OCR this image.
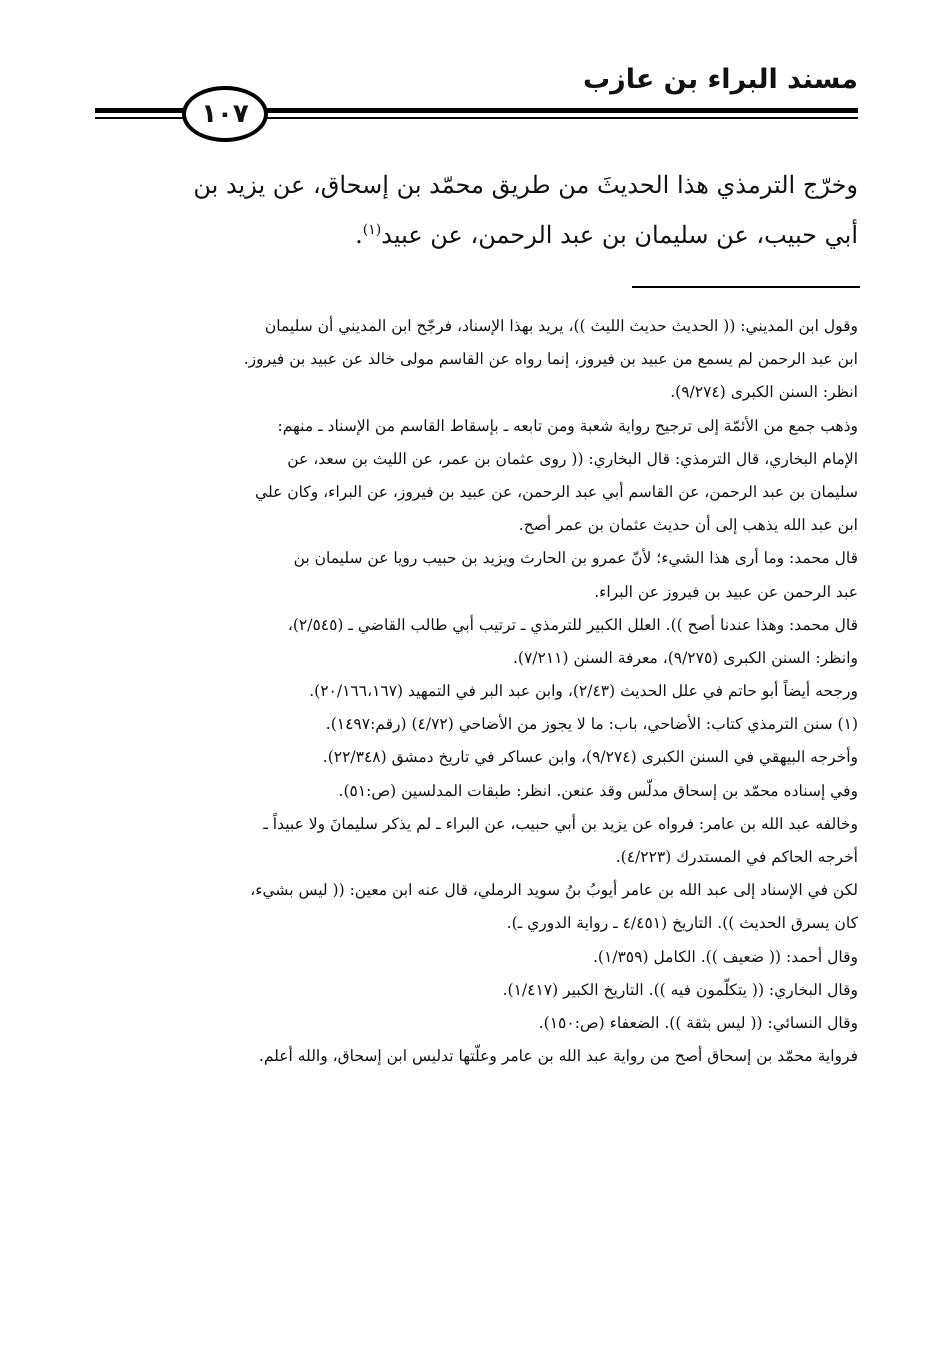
مسند البراء بن عازب
١٠٧
وخرّج الترمذي هذا الحديثَ من طريق محمّد بن إسحاق، عن يزيد بن
أبي حبيب، عن سليمان بن عبد الرحمن، عن عبيد$^{(١)}$.
وقول ابن المديني: (( الحديث حديث الليث ))، يريد بهذا الإسناد، فرجّح ابن المديني أن سليمان
ابن عبد الرحمن لم يسمع من عبيد بن فيروز، إنما رواه عن القاسم مولى خالد عن عبيد بن فيروز.
انظر: السنن الكبرى (٩/٢٧٤).
وذهب جمع من الأئمّة إلى ترجيح رواية شعبة ومن تابعه ـ بإسقاط القاسم من الإسناد ـ منهم:
الإمام البخاري، قال الترمذي: قال البخاري: (( روى عثمان بن عمر، عن الليث بن سعد، عن
سليمان بن عبد الرحمن، عن القاسم أبي عبد الرحمن، عن عبيد بن فيروز، عن البراء، وكان علي
ابن عبد الله يذهب إلى أن حديث عثمان بن عمر أصح.
قال محمد: وما أرى هذا الشيء؛ لأنّ عمرو بن الحارث ويزيد بن حبيب رويا عن سليمان بن
عبد الرحمن عن عبيد بن فيروز عن البراء.
قال محمد: وهذا عندنا أصح )). العلل الكبير للترمذي ـ ترتيب أبي طالب القاضي ـ (٢/٥٤٥)،
وانظر: السنن الكبرى (٩/٢٧٥)، معرفة السنن (٧/٢١١).
ورجحه أيضاً أبو حاتم في علل الحديث (٢/٤٣)، وابن عبد البر في التمهيد (٢٠/١٦٦،١٦٧).
(١) سنن الترمذي كتاب: الأضاحي، باب: ما لا يجوز من الأضاحي (٤/٧٢) (رقم:١٤٩٧).
وأخرجه البيهقي في السنن الكبرى (٩/٢٧٤)، وابن عساكر في تاريخ دمشق (٢٢/٣٤٨).
وفي إسناده محمّد بن إسحاق مدلّس وقد عنعن. انظر: طبقات المدلسين (ص:٥١).
وخالفه عبد الله بن عامر: فرواه عن يزيد بن أبي حبيب، عن البراء ـ لم يذكر سليمانَ ولا عبيداً ـ
أخرجه الحاكم في المستدرك (٤/٢٢٣).
لكن في الإسناد إلى عبد الله بن عامر أيوبُ بنُ سويد الرملي، قال عنه ابن معين: (( ليس بشيء،
كان يسرق الحديث )). التاريخ (٤/٤٥١ ـ رواية الدوري ـ).
وقال أحمد: (( ضعيف )). الكامل (١/٣٥٩).
وقال البخاري: (( يتكلّمون فيه )). التاريخ الكبير (١/٤١٧).
وقال النسائي: (( ليس بثقة )). الضعفاء (ص:١٥٠).
فرواية محمّد بن إسحاق أصح من رواية عبد الله بن عامر وعلّتها تدليس ابن إسحاق، والله أعلم.
